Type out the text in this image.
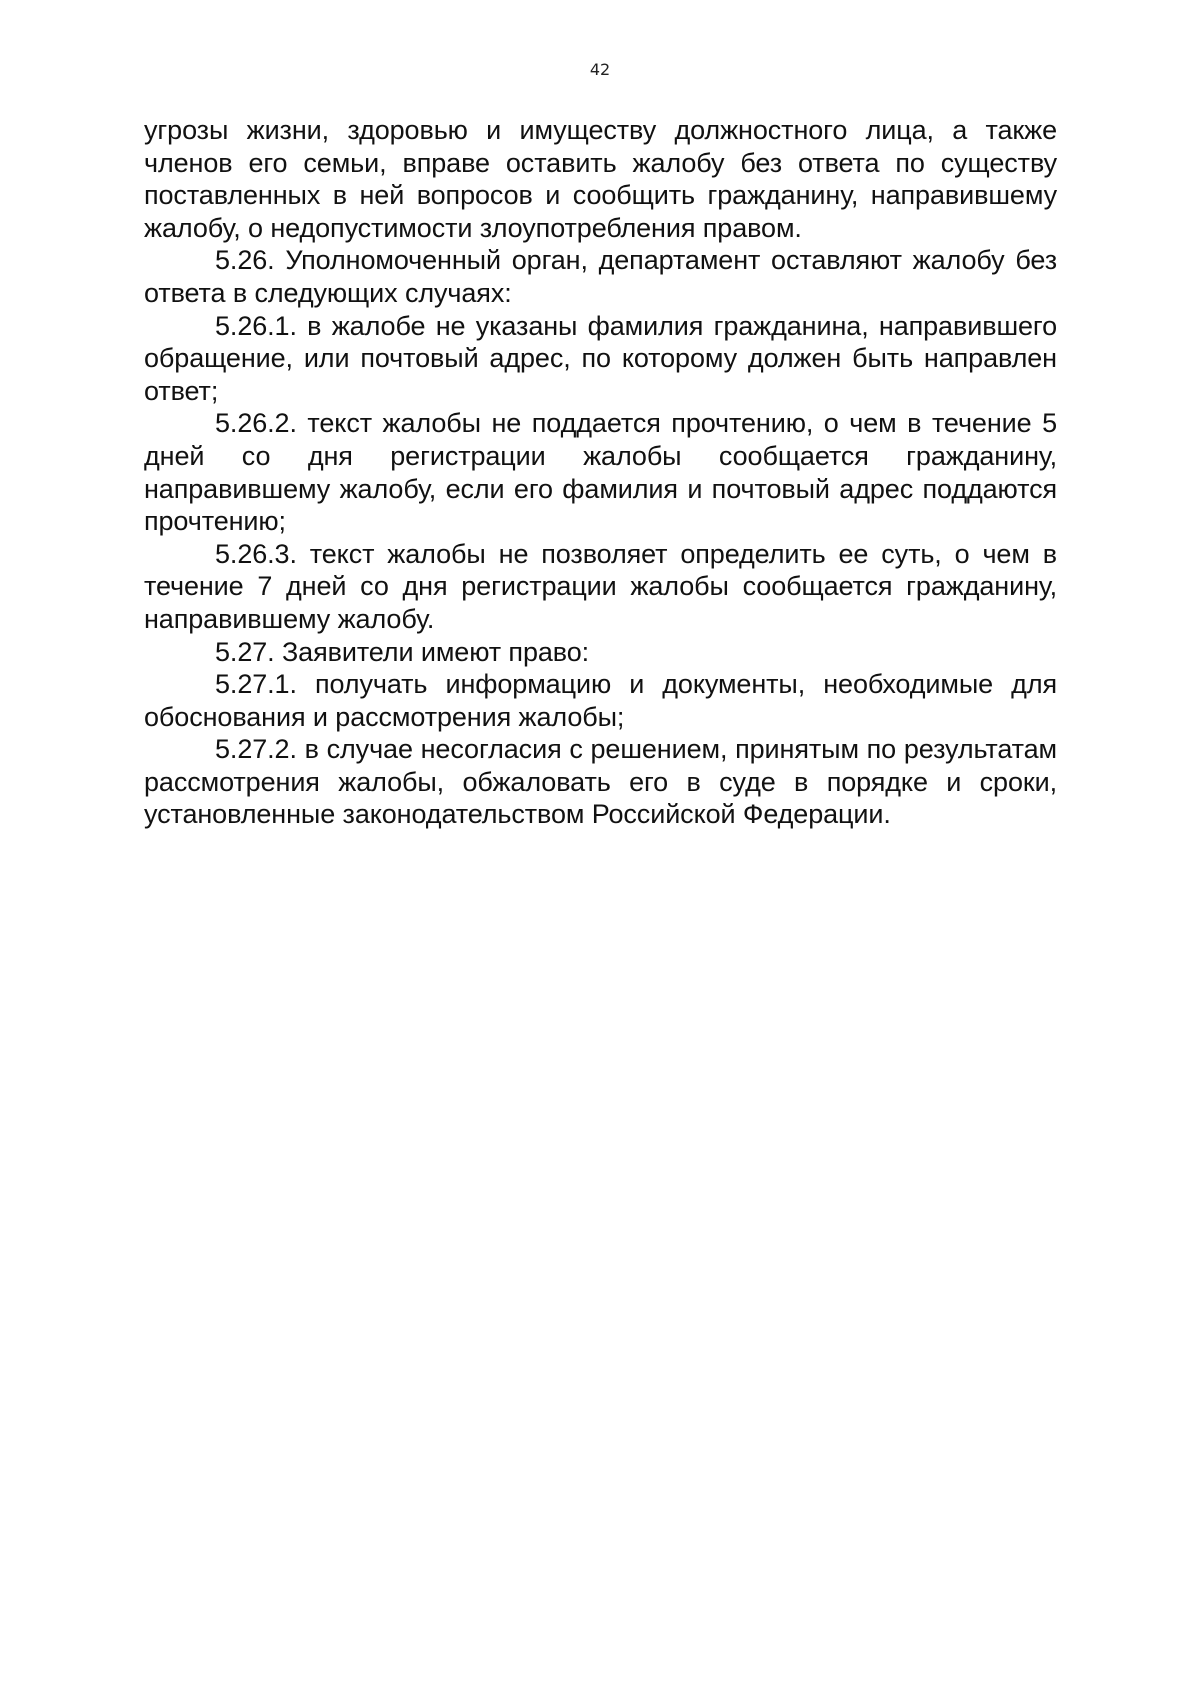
42

угрозы жизни, здоровью и имуществу должностного лица, а также членов его семьи, вправе оставить жалобу без ответа по существу поставленных в ней вопросов и сообщить гражданину, направившему жалобу, о недопустимости злоупотребления правом.

5.26. Уполномоченный орган, департамент оставляют жалобу без ответа в следующих случаях:

5.26.1. в жалобе не указаны фамилия гражданина, направившего обращение, или почтовый адрес, по которому должен быть направлен ответ;

5.26.2. текст жалобы не поддается прочтению, о чем в течение 5 дней со дня регистрации жалобы сообщается гражданину, направившему жалобу, если его фамилия и почтовый адрес поддаются прочтению;

5.26.3. текст жалобы не позволяет определить ее суть, о чем в течение 7 дней со дня регистрации жалобы сообщается гражданину, направившему жалобу.

5.27. Заявители имеют право:

5.27.1. получать информацию и документы, необходимые для обоснования и рассмотрения жалобы;

5.27.2. в случае несогласия с решением, принятым по результатам рассмотрения жалобы, обжаловать его в суде в порядке и сроки, установленные законодательством Российской Федерации.
